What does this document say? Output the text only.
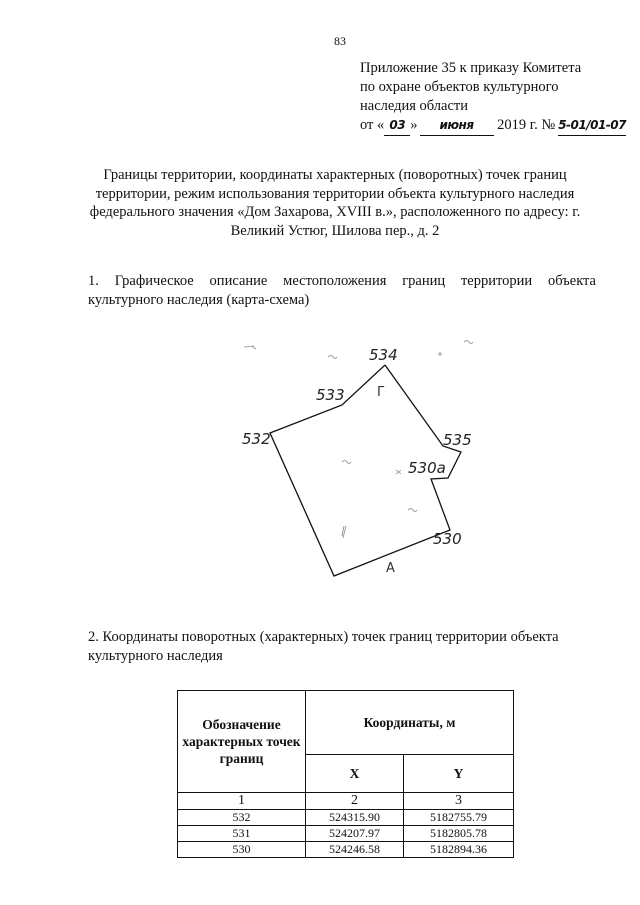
83
Приложение 35 к приказу Комитета
по охране объектов культурного
наследия области
от « 03 » июня 2019 г. № 5-01/01-07
Границы территории, координаты характерных (поворотных) точек границ территории, режим использования территории объекта культурного наследия федерального значения «Дом Захарова, XVIII в.», расположенного по адресу: г. Великий Устюг, Шилова пер., д. 2
1. Графическое описание местоположения границ территории объекта культурного наследия (карта-схема)
534
533
532	535
530а
530
Г
А
2. Координаты поворотных (характерных) точек границ территории объекта культурного наследия
Обозначение характерных точек границ	Координаты, м	
	X	Y
1	2	3
532	524315.90	5182755.79
531	524207.97	5182805.78
530	524246.58	5182894.36
